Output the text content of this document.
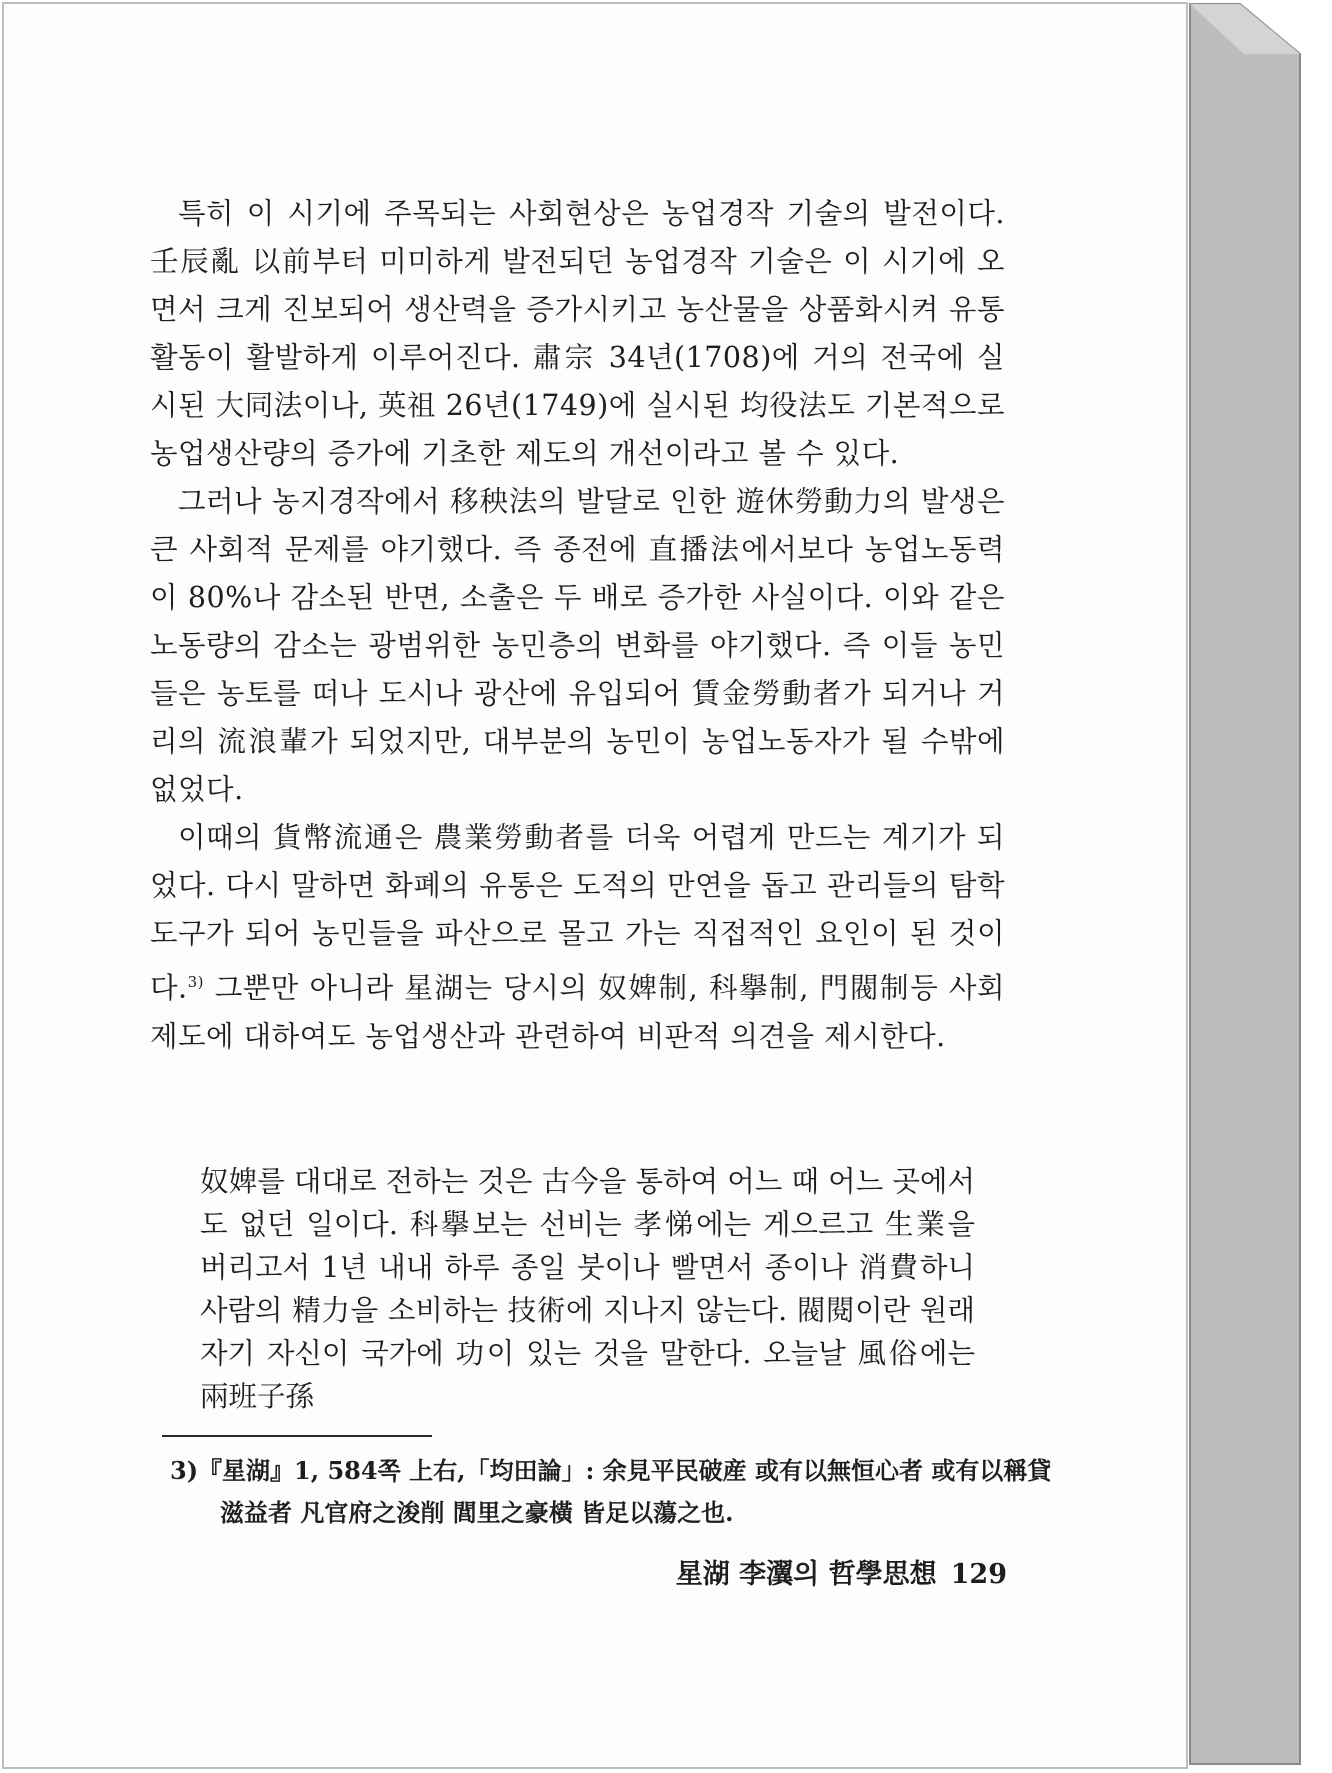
특히 이 시기에 주목되는 사회현상은 농업경작 기술의 발전이다. 壬辰亂 以前부터 미미하게 발전되던 농업경작 기술은 이 시기에 오면서 크게 진보되어 생산력을 증가시키고 농산물을 상품화시켜 유통활동이 활발하게 이루어진다. 肅宗 34년(1708)에 거의 전국에 실시된 大同法이나, 英祖 26년(1749)에 실시된 均役法도 기본적으로 농업생산량의 증가에 기초한 제도의 개선이라고 볼 수 있다.

그러나 농지경작에서 移秧法의 발달로 인한 遊休勞動力의 발생은 큰 사회적 문제를 야기했다. 즉 종전에 直播法에서보다 농업노동력이 80%나 감소된 반면, 소출은 두 배로 증가한 사실이다. 이와 같은 노동량의 감소는 광범위한 농민층의 변화를 야기했다. 즉 이들 농민들은 농토를 떠나 도시나 광산에 유입되어 賃金勞動者가 되거나 거리의 流浪輩가 되었지만, 대부분의 농민이 농업노동자가 될 수밖에 없었다.

이때의 貨幣流通은 農業勞動者를 더욱 어렵게 만드는 계기가 되었다. 다시 말하면 화폐의 유통은 도적의 만연을 돕고 관리들의 탐학 도구가 되어 농민들을 파산으로 몰고 가는 직접적인 요인이 된 것이다.$^{3)}$ 그뿐만 아니라 星湖는 당시의 奴婢制, 科擧制, 門閥制등 사회제도에 대하여도 농업생산과 관련하여 비판적 의견을 제시한다.

奴婢를 대대로 전하는 것은 古今을 통하여 어느 때 어느 곳에서도 없던 일이다. 科擧보는 선비는 孝悌에는 게으르고 生業을 버리고서 1년 내내 하루 종일 붓이나 빨면서 종이나 消費하니 사람의 精力을 소비하는 技術에 지나지 않는다. 閥閱이란 원래 자기 자신이 국가에 功이 있는 것을 말한다. 오늘날 風俗에는 兩班子孫

3)『星湖』1, 584쪽 上右,「均田論」: 余見平民破産 或有以無恒心者 或有以稱貸滋益者 凡官府之浚削 閭里之豪橫 皆足以蕩之也.

星湖 李瀷의 哲學思想 129
